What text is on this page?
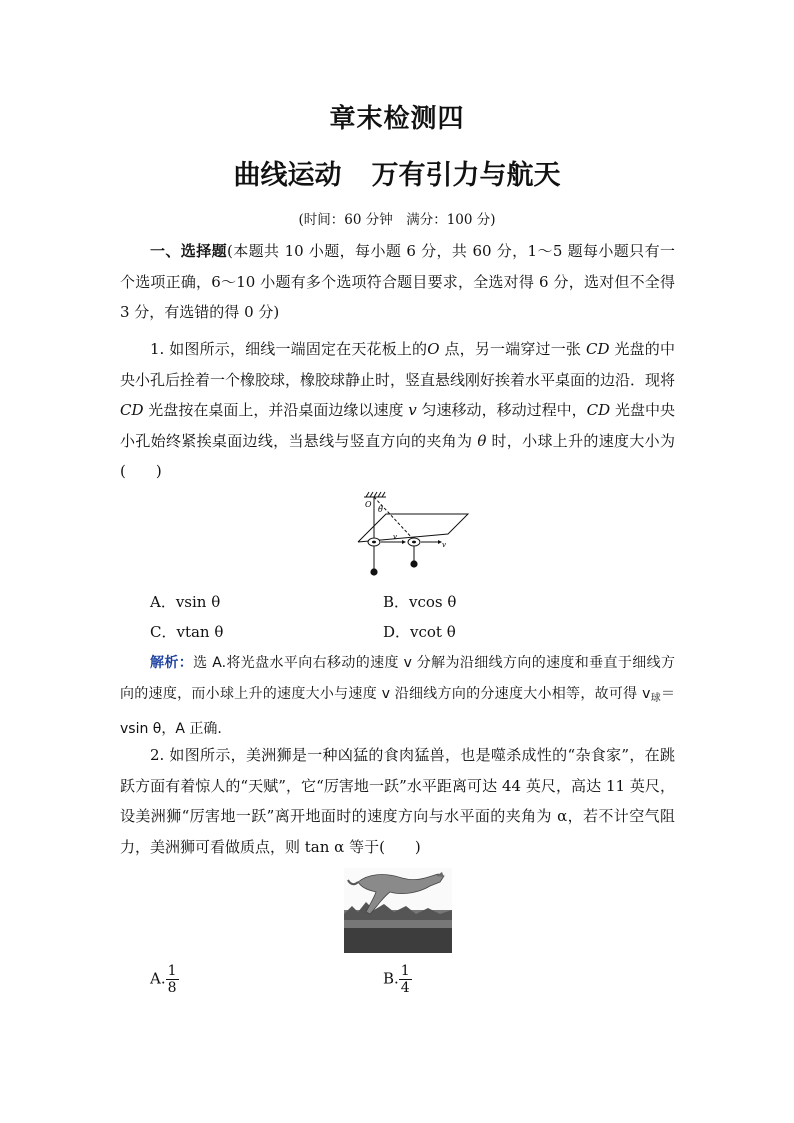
章末检测四
曲线运动 万有引力与航天
(时间：60 分钟　满分：100 分)
一、选择题(本题共 10 小题，每小题 6 分，共 60 分，1～5 题每小题只有一个选项正确，6～10 小题有多个选项符合题目要求，全选对得 6 分，选对但不全得 3 分，有选错的得 0 分)
1. 如图所示，细线一端固定在天花板上的O 点，另一端穿过一张 CD 光盘的中央小孔后拴着一个橡胶球，橡胶球静止时，竖直悬线刚好挨着水平桌面的边沿．现将 CD 光盘按在桌面上，并沿桌面边缘以速度 v 匀速移动，移动过程中，CD 光盘中央小孔始终紧挨桌面边线，当悬线与竖直方向的夹角为 θ 时，小球上升的速度大小为(　　)
O
θ
v
v
A．vsin θ	B．vcos θ
C．vtan θ	D．vcot θ
解析：选 A.将光盘水平向右移动的速度 v 分解为沿细线方向的速度和垂直于细线方向的速度，而小球上升的速度大小与速度 v 沿细线方向的分速度大小相等，故可得 $v_球=vsin$ θ，A 正确.
2. 如图所示，美洲狮是一种凶猛的食肉猛兽，也是噬杀成性的“杂食家”，在跳跃方面有着惊人的“天赋”，它“厉害地一跃”水平距离可达 44 英尺，高达 11 英尺，设美洲狮“厉害地一跃”离开地面时的速度方向与水平面的夹角为 α，若不计空气阻力，美洲狮可看做质点，则 tan α 等于(　　)
A. $\frac{1}{8}$	B. $\frac{1}{4}$
